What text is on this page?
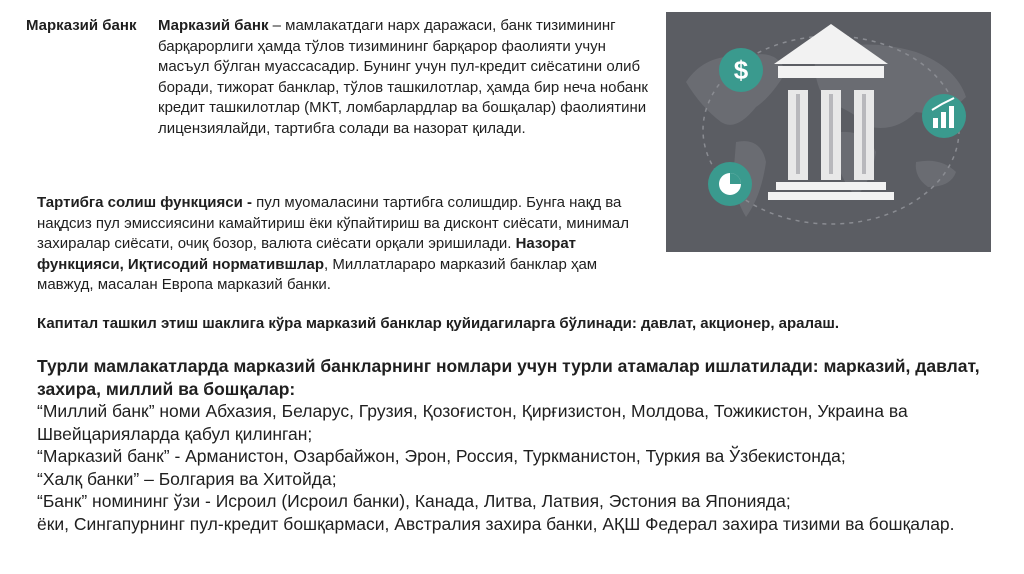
Марказий банк Марказий банк – мамлакатдаги нарх даражаси, банк тизимининг барқарорлиги ҳамда тўлов тизимининг барқарор фаолияти учун масъул бўлган муассасадир. Бунинг учун пул-кредит сиёсатини олиб боради, тижорат банклар, тўлов ташкилотлар, ҳамда бир неча нобанк кредит ташкилотлар (МКТ, ломбарлардлар ва бошқалар) фаолиятини лицензиялайди, тартибга солади ва назорат қилади.

$

Тартибга солиш функцияси - пул муомаласини тартибга солишдир. Бунга нақд ва нақдсиз пул эмиссиясини камайтириш ёки кўпайтириш ва дисконт сиёсати, минимал захиралар сиёсати, очиқ бозор, валюта сиёсати орқали эришилади. Назорат функцияси, Иқтисодий норматившлар, Миллатлараро марказий банклар ҳам мавжуд, масалан Европа марказий банки.

Капитал ташкил этиш шаклига кўра марказий банклар қуйидагиларга бўлинади: давлат, акционер, аралаш.

Турли мамлакатларда марказий банкларнинг номлари учун турли атамалар ишлатилади: марказий, давлат, захира, миллий ва бошқалар:

“Миллий банк” номи Абхазия, Беларус, Грузия, Қозоғистон, Қирғизистон, Молдова, Тожикистон, Украина ва Швейцарияларда қабул қилинган;

“Марказий банк” - Арманистон, Озарбайжон, Эрон, Россия, Туркманистон, Туркия ва Ўзбекистонда;

“Халқ банки” – Болгария ва Хитойда;

“Банк” номининг ўзи - Исроил (Исроил банки), Канада, Литва, Латвия, Эстония ва Японияда;

ёки, Сингапурнинг пул-кредит бошқармаси, Австралия захира банки, АҚШ Федерал захира тизими ва бошқалар.
